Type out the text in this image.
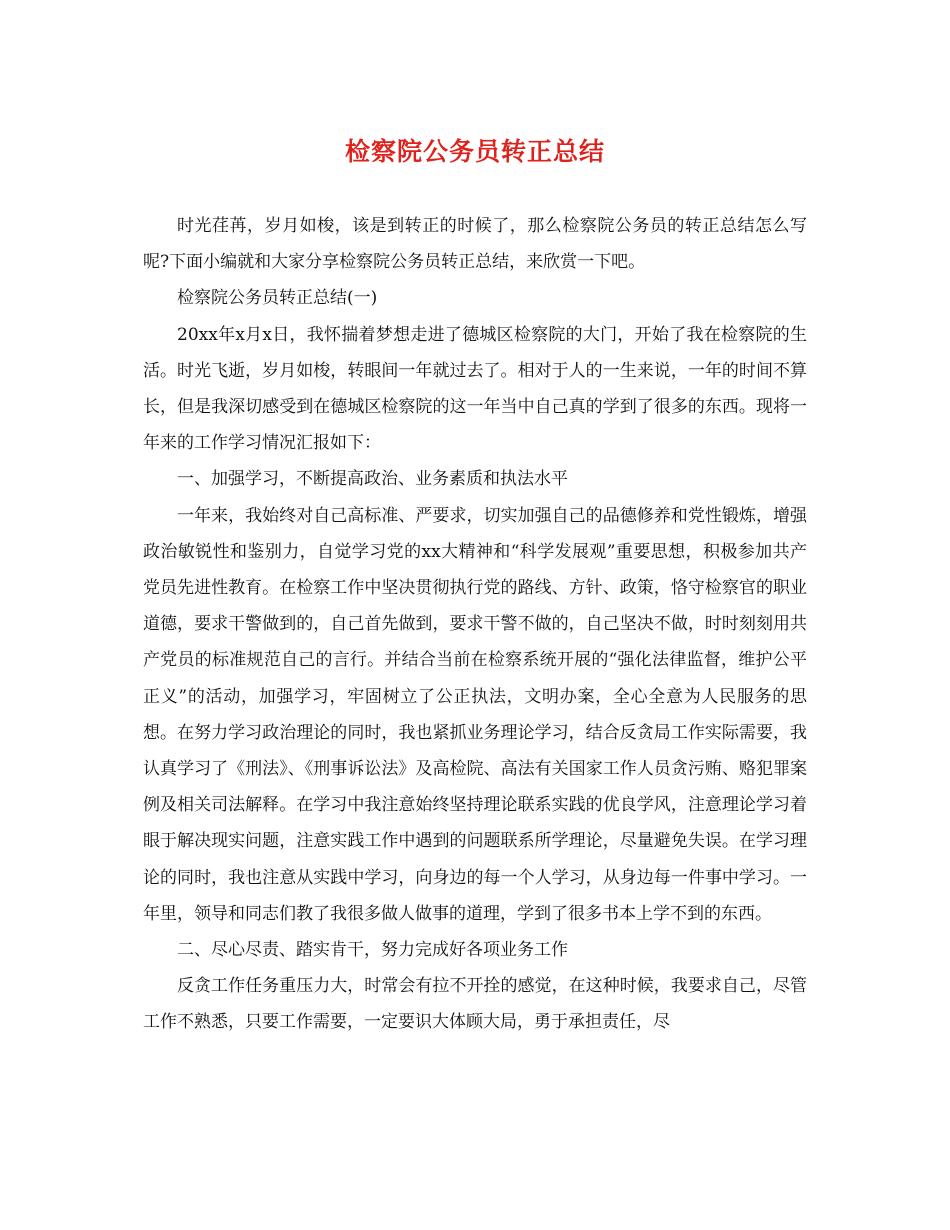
检察院公务员转正总结

时光荏苒，岁月如梭，该是到转正的时候了，那么检察院公务员的转正总结怎么写呢?下面小编就和大家分享检察院公务员转正总结，来欣赏一下吧。

检察院公务员转正总结(一)

20xx年x月x日，我怀揣着梦想走进了德城区检察院的大门，开始了我在检察院的生活。时光飞逝，岁月如梭，转眼间一年就过去了。相对于人的一生来说，一年的时间不算长，但是我深切感受到在德城区检察院的这一年当中自己真的学到了很多的东西。现将一年来的工作学习情况汇报如下：

一、加强学习，不断提高政治、业务素质和执法水平

一年来，我始终对自己高标准、严要求，切实加强自己的品德修养和党性锻炼，增强政治敏锐性和鉴别力，自觉学习党的xx大精神和“科学发展观”重要思想，积极参加共产党员先进性教育。在检察工作中坚决贯彻执行党的路线、方针、政策，恪守检察官的职业道德，要求干警做到的，自己首先做到，要求干警不做的，自己坚决不做，时时刻刻用共产党员的标准规范自己的言行。并结合当前在检察系统开展的“强化法律监督，维护公平正义”的活动，加强学习，牢固树立了公正执法，文明办案，全心全意为人民服务的思想。在努力学习政治理论的同时，我也紧抓业务理论学习，结合反贪局工作实际需要，我认真学习了《刑法》、《刑事诉讼法》及高检院、高法有关国家工作人员贪污贿、赂犯罪案例及相关司法解释。在学习中我注意始终坚持理论联系实践的优良学风，注意理论学习着眼于解决现实问题，注意实践工作中遇到的问题联系所学理论，尽量避免失误。在学习理论的同时，我也注意从实践中学习，向身边的每一个人学习，从身边每一件事中学习。一年里，领导和同志们教了我很多做人做事的道理，学到了很多书本上学不到的东西。

二、尽心尽责、踏实肯干，努力完成好各项业务工作

反贪工作任务重压力大，时常会有拉不开拴的感觉，在这种时候，我要求自己，尽管工作不熟悉，只要工作需要，一定要识大体顾大局，勇于承担责任，尽
